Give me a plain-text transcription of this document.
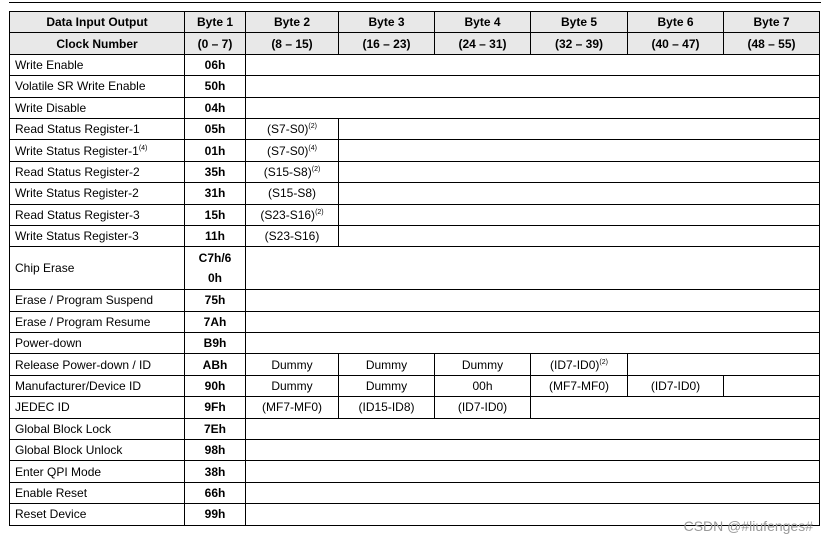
Data Input Output	Byte 1	Byte 2	Byte 3	Byte 4	Byte 5	Byte 6	Byte 7
Clock Number	(0 – 7)	(8 – 15)	(16 – 23)	(24 – 31)	(32 – 39)	(40 – 47)	(48 – 55)
Write Enable	06h						
Volatile SR Write Enable	50h						
Write Disable	04h						
Read Status Register-1	05h	$(S7-S0)^{(2)}$	
Write Status Register-1$^{(4)}$	01h	$(S7-S0)^{(4)}$	
Read Status Register-2	35h	$(S15-S8)^{(2)}$	
Write Status Register-2	31h	(S15-S8)					
Read Status Register-3	15h	$(S23-S16)^{(2)}$	
Write Status Register-3	11h	(S23-S16)					
Chip Erase	C7h/6
0h						
Erase / Program Suspend	75h						
Erase / Program Resume	7Ah						
Power-down	B9h						
Release Power-down / ID	ABh	Dummy	Dummy	Dummy	$(ID7-ID0)^{(2)}$	
Manufacturer/Device ID	90h	Dummy	Dummy	00h	(MF7-MF0)	(ID7-ID0)	
JEDEC ID	9Fh	(MF7-MF0)	(ID15-ID8)	(ID7-ID0)			
Global Block Lock	7Eh						
Global Block Unlock	98h						
Enter QPI Mode	38h						
Enable Reset	66h						
Reset Device	99h						
CSDN @#liufenges#
